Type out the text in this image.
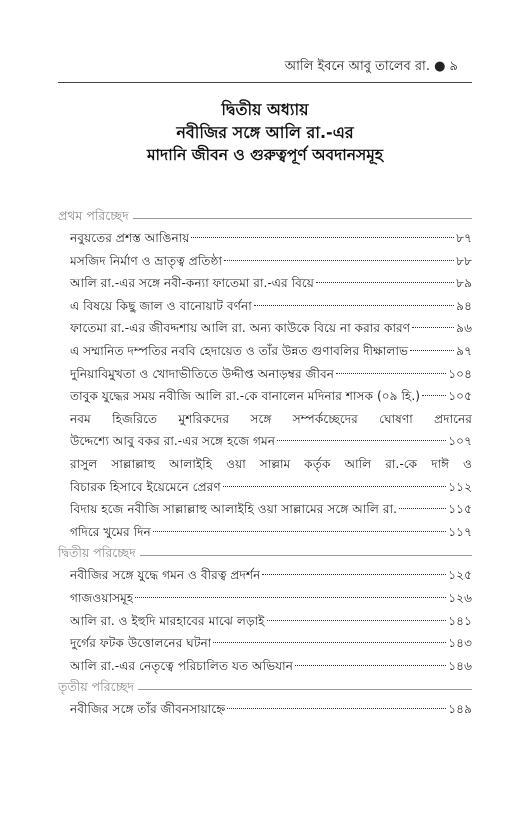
আলি ইবনে আবু তালেব রা. ● ৯
দ্বিতীয় অধ্যায়
নবীজির সঙ্গে আলি রা.-এর
মাদানি জীবন ও গুরুত্বপূর্ণ অবদানসমূহ
প্রথম পরিচ্ছেদ
নবুয়তের প্রশস্ত আঙিনায়	৮৭
মসজিদ নির্মাণ ও ভ্রাতৃত্ব প্রতিষ্ঠা	৮৮
আলি রা.-এর সঙ্গে নবী-কন্যা ফাতেমা রা.-এর বিয়ে	৮৯
এ বিষয়ে কিছু জাল ও বানোয়াট বর্ণনা	৯৪
ফাতেমা রা.-এর জীবদ্দশায় আলি রা. অন্য কাউকে বিয়ে না করার কারণ	৯৬
এ সম্মানিত দম্পতির নববি হেদায়েত ও তাঁর উন্নত গুণাবলির দীক্ষালাভ	৯৭
দুনিয়াবিমুখতা ও খোদাভীতিতে উদ্দীপ্ত অনাড়ম্বর জীবন	১০৪
তাবুক যুদ্ধের সময় নবীজি আলি রা.-কে বানালেন মদিনার শাসক (০৯ হি.) ১০৫
নবম হিজরিতে মুশরিকদের সঙ্গে সম্পর্কচ্ছেদের ঘোষণা প্রদানের
উদ্দেশ্যে আবু বকর রা.-এর সঙ্গে হজে গমন	১০৭
রাসুল সাল্লাল্লাহু আলাইহি ওয়া সাল্লাম কর্তৃক আলি রা.-কে দাঈ ও
বিচারক হিসাবে ইয়েমেনে প্রেরণ	১১২
বিদায় হজে নবীজি সাল্লাল্লাহু আলাইহি ওয়া সাল্লামের সঙ্গে আলি রা.	১১৫
গদিরে খুমের দিন	১১৭
দ্বিতীয় পরিচ্ছেদ
নবীজির সঙ্গে যুদ্ধে গমন ও বীরত্ব প্রদর্শন	১২৫
গাজওয়াসমূহ	১২৬
আলি রা. ও ইহুদি মারহাবের মাঝে লড়াই	১৪১
দুর্গের ফটক উত্তোলনের ঘটনা	১৪৩
আলি রা.-এর নেতৃত্বে পরিচালিত যত অভিযান	১৪৬
তৃতীয় পরিচ্ছেদ
নবীজির সঙ্গে তাঁর জীবনসায়াহ্নে	১৪৯
